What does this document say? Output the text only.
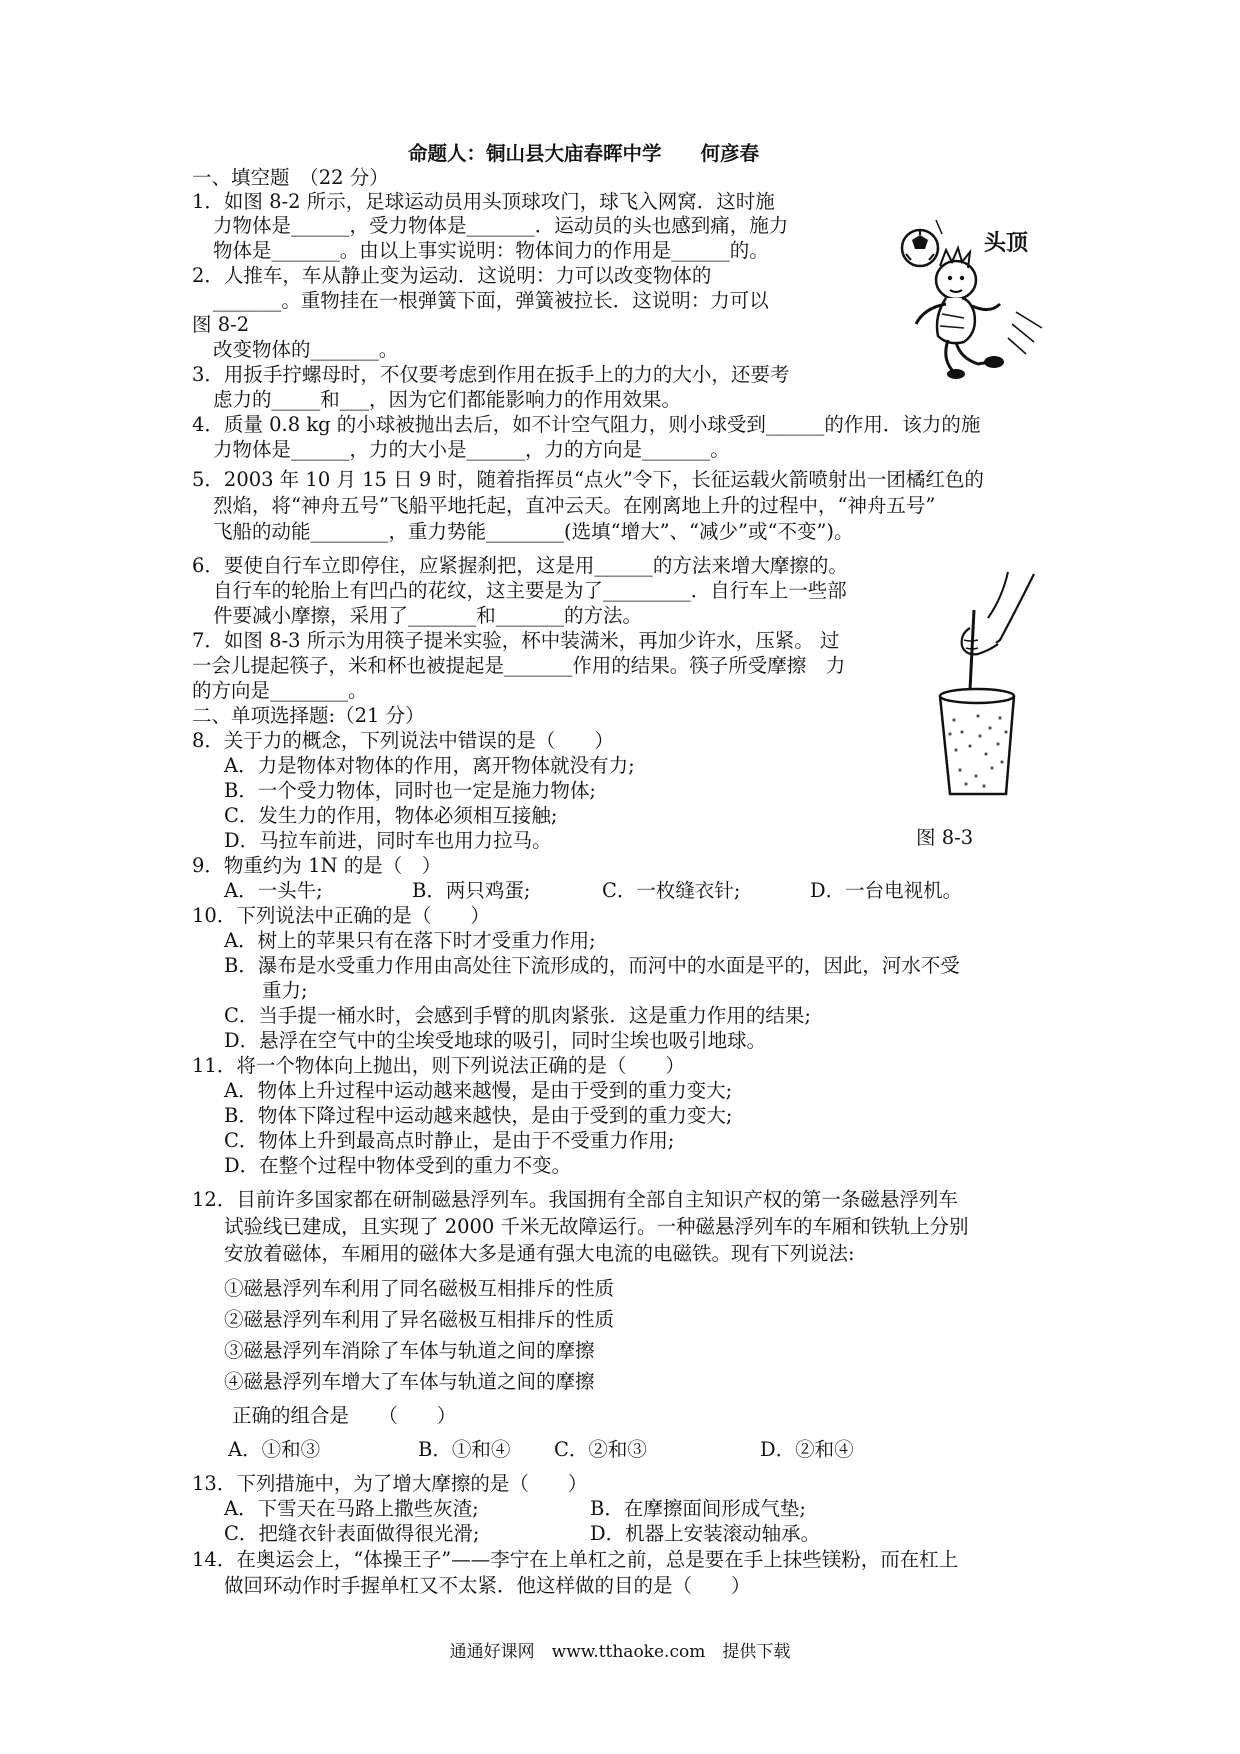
命题人：铜山县大庙春晖中学　　何彦春
一、填空题　（22 分）
1．如图 8-2 所示，足球运动员用头顶球攻门，球飞入网窝．这时施
力物体是______，受力物体是_______．运动员的头也感到痛，施力
物体是_______。由以上事实说明：物体间力的作用是______的。
2．人推车，车从静止变为运动．这说明：力可以改变物体的
_______。重物挂在一根弹簧下面，弹簧被拉长．这说明：力可以
图 8-2
改变物体的_______。
3．用扳手拧螺母时，不仅要考虑到作用在扳手上的力的大小，还要考
虑力的_____和___，因为它们都能影响力的作用效果。
4．质量 0.8 kg 的小球被抛出去后，如不计空气阻力，则小球受到______的作用．该力的施
力物体是______，力的大小是______，力的方向是_______。
5．2003 年 10 月 15 日 9 时，随着指挥员“点火”令下，长征运载火箭喷射出一团橘红色的
烈焰，将“神舟五号”飞船平地托起，直冲云天。在刚离地上升的过程中，“神舟五号”
飞船的动能________，重力势能________(选填“增大”、“减少”或“不变”)。
6．要使自行车立即停住，应紧握刹把，这是用______的方法来增大摩擦的。
自行车的轮胎上有凹凸的花纹，这主要是为了_________．自行车上一些部
件要减小摩擦，采用了_______和_______的方法。
7．如图 8-3 所示为用筷子提米实验，杯中装满米，再加少许水，压紧。 过
一会儿提起筷子，米和杯也被提起是_______作用的结果。筷子所受摩擦　力
的方向是________。
二、单项选择题:（21 分）
8．关于力的概念，下列说法中错误的是（　　）
A．力是物体对物体的作用，离开物体就没有力;
B．一个受力物体，同时也一定是施力物体;
C．发生力的作用，物体必须相互接触;
D．马拉车前进，同时车也用力拉马。
9．物重约为 1N 的是（　）
A．一头牛;	B．两只鸡蛋;	C．一枚缝衣针;	D．一台电视机。
10．下列说法中正确的是（　　）
A．树上的苹果只有在落下时才受重力作用;
B．瀑布是水受重力作用由高处往下流形成的，而河中的水面是平的，因此，河水不受
重力;
C．当手提一桶水时，会感到手臂的肌肉紧张．这是重力作用的结果;
D．悬浮在空气中的尘埃受地球的吸引，同时尘埃也吸引地球。
11．将一个物体向上抛出，则下列说法正确的是（　　）
A．物体上升过程中运动越来越慢，是由于受到的重力变大;
B．物体下降过程中运动越来越快，是由于受到的重力变大;
C．物体上升到最高点时静止，是由于不受重力作用;
D．在整个过程中物体受到的重力不变。
12．目前许多国家都在研制磁悬浮列车。我国拥有全部自主知识产权的第一条磁悬浮列车
试验线已建成，且实现了 2000 千米无故障运行。一种磁悬浮列车的车厢和铁轨上分别
安放着磁体，车厢用的磁体大多是通有强大电流的电磁铁。现有下列说法:
①磁悬浮列车利用了同名磁极互相排斥的性质
②磁悬浮列车利用了异名磁极互相排斥的性质
③磁悬浮列车消除了车体与轨道之间的摩擦
④磁悬浮列车增大了车体与轨道之间的摩擦
正确的组合是　　（　　）
A．①和③	B．①和④ C．②和③	D．②和④
13．下列措施中，为了增大摩擦的是（　　）
A．下雪天在马路上撒些灰渣;	B．在摩擦面间形成气垫;
C．把缝衣针表面做得很光滑;	D．机器上安装滚动轴承。
14．在奥运会上，“体操王子”——李宁在上单杠之前，总是要在手上抹些镁粉，而在杠上
做回环动作时手握单杠又不太紧．他这样做的目的是（　　）
头顶
图 8-3
通通好课网　www.tthaoke.com　提供下载
